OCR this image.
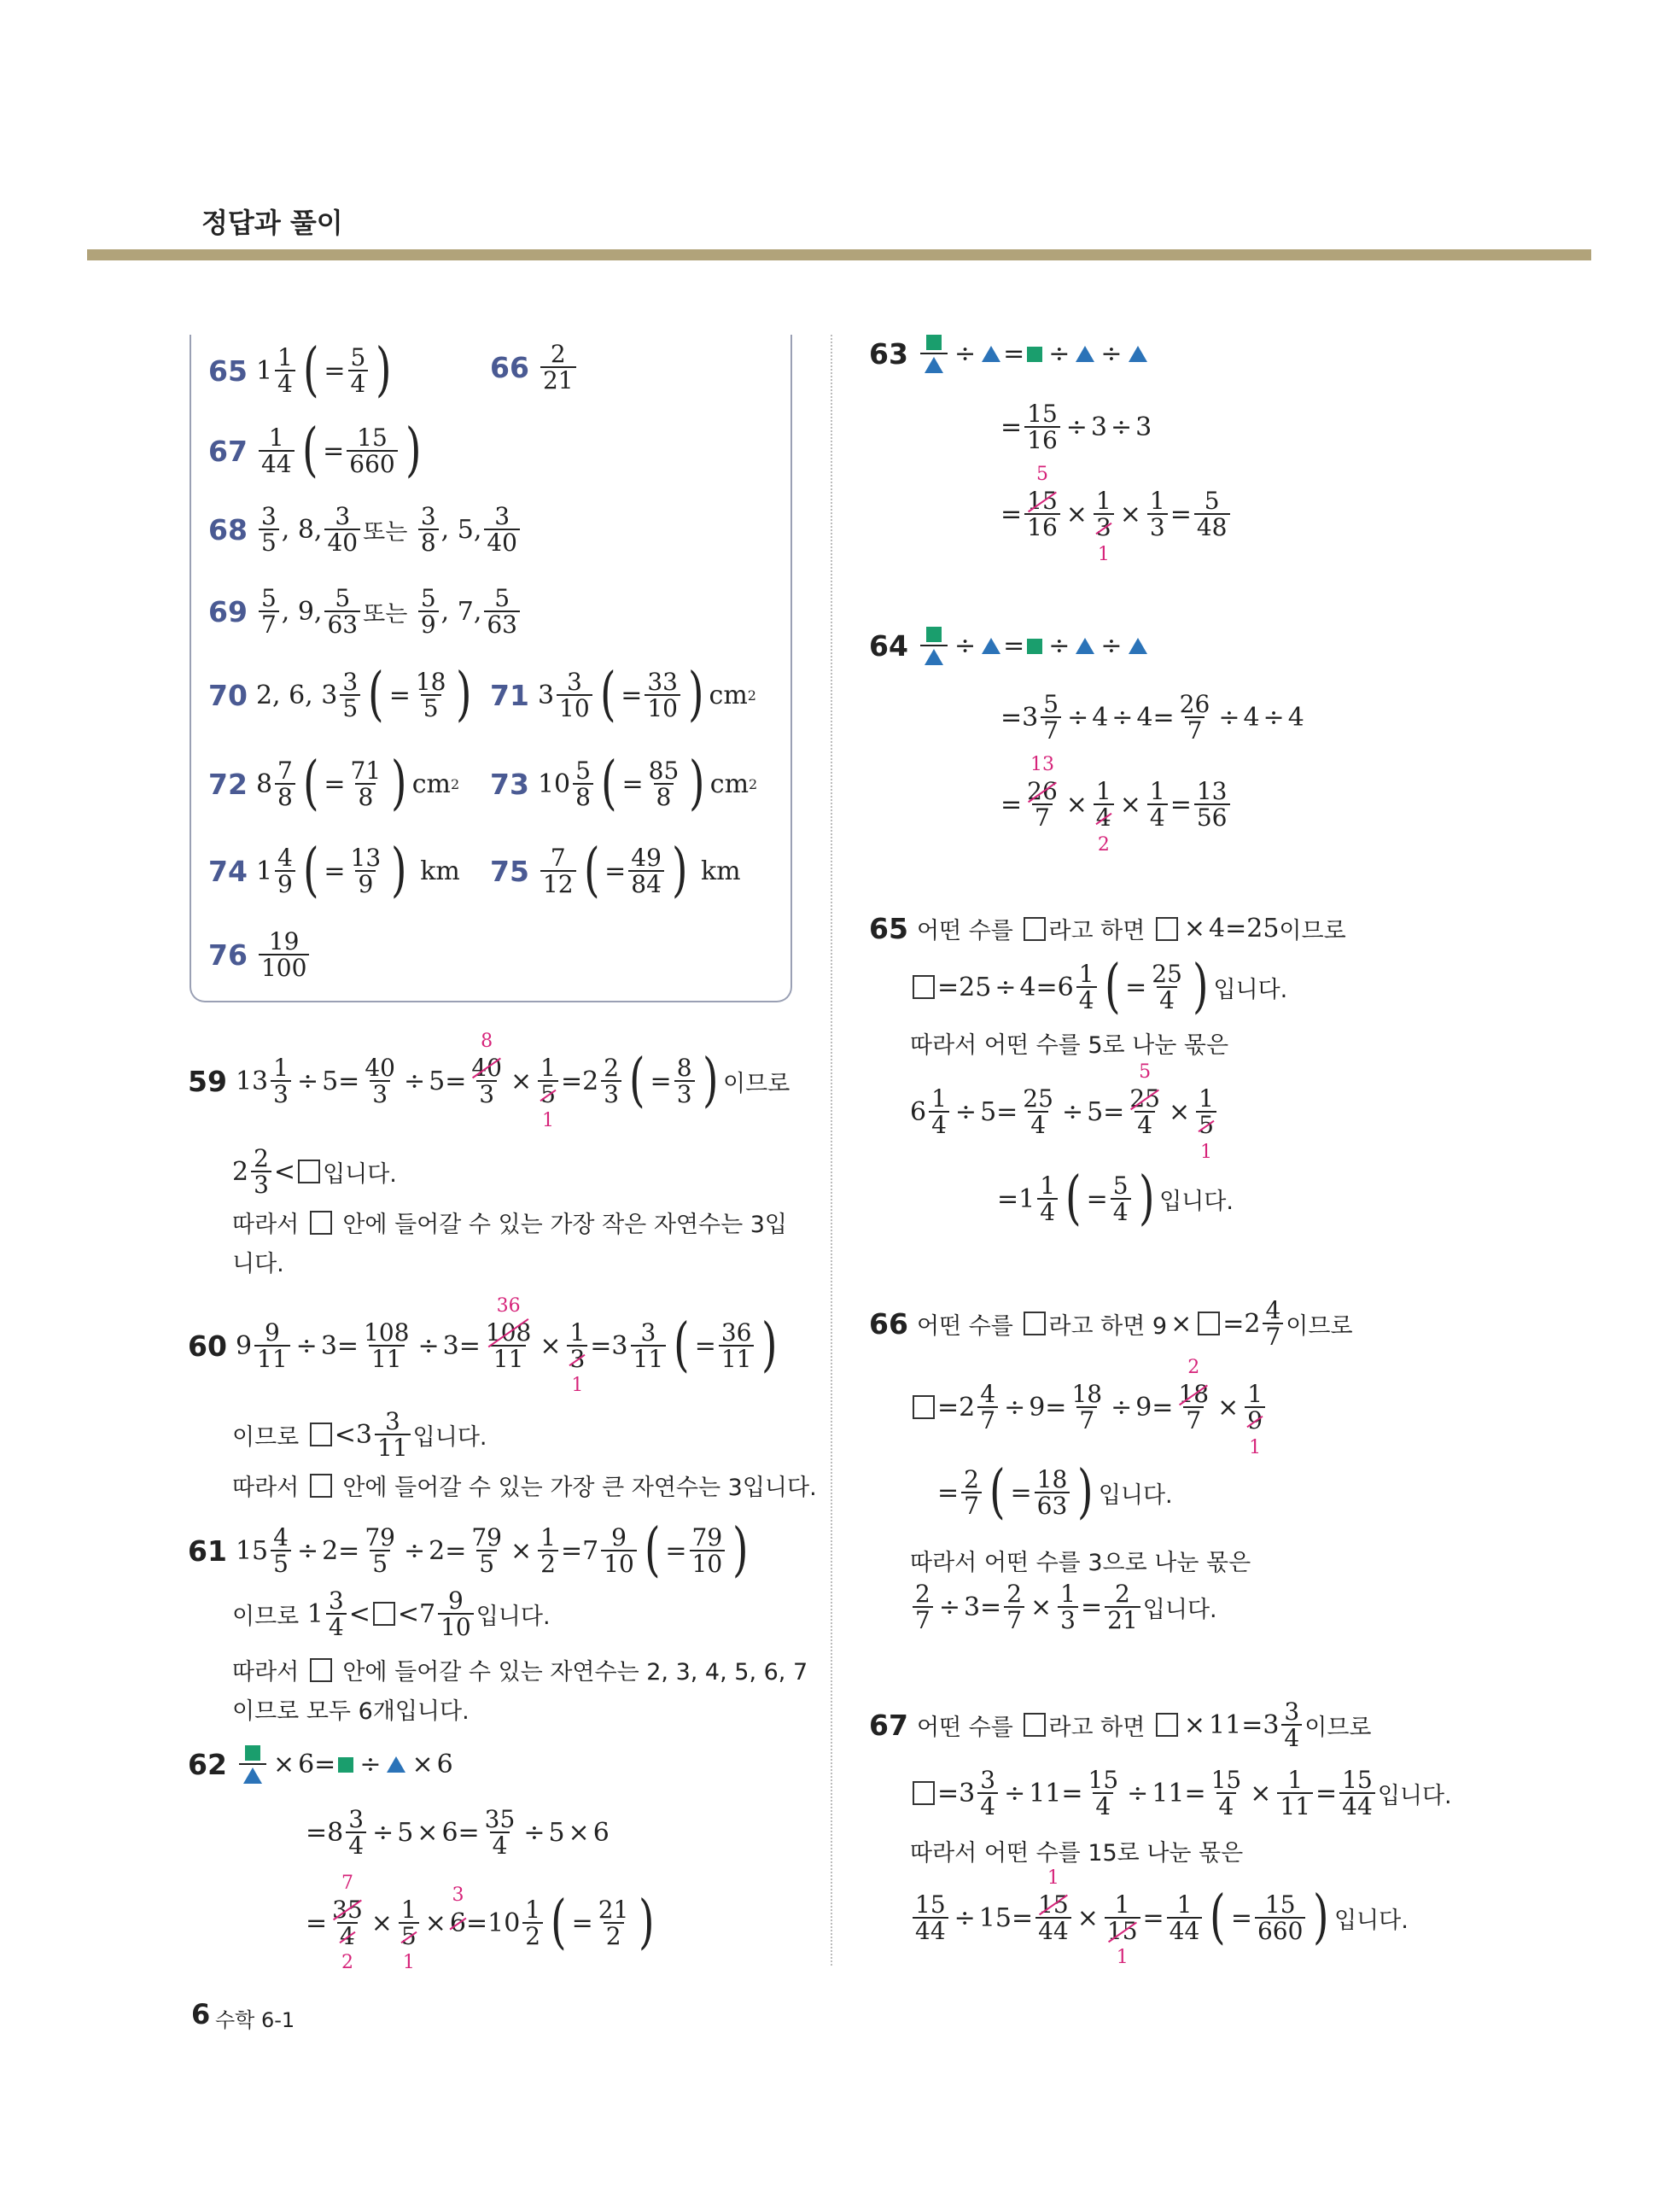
정답과 풀이
65 $1 \frac{1}{4}$ ( = $\frac{5}{4}$ )	$66 \frac{2}{21}$
$67 \frac{1}{44}$ ( = $\frac{15}{660}$ )
$68 \frac{3}{5}$ , 8, $\frac{3}{40}$ 또는
$\frac{3}{8}$ , 5, $\frac{3}{40}$
$69 \frac{5}{7}$ , 9, $\frac{5}{63}$ 또는
$\frac{5}{9}$ , 7, $\frac{5}{63}$
70 2, 6, $3 \frac{3}{5}$ ( = $\frac{18}{5}$ ) 71 $3 \frac{3}{10}$ ( = $\frac{33}{10}$ ) cm 2
72 $8 \frac{7}{8}$ ( = $\frac{71}{8}$ ) cm 2 73 $10 \frac{5}{8}$ ( = $\frac{85}{8}$ ) cm 2
74 $1 \frac{4}{9}$ ( = $\frac{13}{9}$ )
km $75 \frac{7}{12}$ ( = $\frac{49}{84}$ )
km
$76 \frac{19}{100}$
59 $13 \frac{1}{3} \div 5= \frac{40}{3} \div 5= 40$
8
3 × 1
5
$1 =2 \frac{2}{3}$ ( = $\frac{8}{3}$ ) 이므로
$2 \frac{2}{3}$ < 입니다.
따라서

안에 들어갈 수 있는 가장 작은 자연수는 3입
니다.
60 $9 \frac{9}{11} \div 3= \frac{108}{11} \div 3= 108$
36
11 × 1
3
$1 =3 \frac{3}{11}$ ( = $\frac{36}{11}$ )
이므로
$<3 \frac{3}{11}$ 입니다.
따라서

안에 들어갈 수 있는 가장 큰 자연수는 3입니다.
61 $15 \frac{4}{5} \div 2= \frac{79}{5} \div 2= \frac{79}{5} \times \frac{1}{2} =7 \frac{9}{10}$ ( = $\frac{79}{10}$ )
이므로 $1 \frac{3}{4} < <7 \frac{9}{10}$ 입니다.
따라서

안에 들어갈 수 있는 자연수는 2, 3, 4, 5, 6, 7
이므로 모두 6개입니다.
62 × 6= ÷ × 6
$=8 \frac{3}{4} \div 5 \times 6= \frac{35}{4} \div 5 \times 6$
= 35
7
4
2 × 1
5
1 × 6
3
$=10 \frac{1}{2}$ ( = $\frac{21}{2}$ )
63 ÷ = ÷ ÷
= $\frac{15}{16} \div 3 \div 3$
= 15
5
16 × 1
3
$1 \times \frac{1}{3} = \frac{5}{48}$
64 ÷ = ÷ ÷
$=3 \frac{5}{7} \div 4 \div 4= \frac{26}{7} \div 4 \div 4$
= 26
13
7 × 1
4
$2 \times \frac{1}{4} = \frac{13}{56}$
65 어떤 수를
라고 하면
× 4=25 이므로
$=25 \div 4=6 \frac{1}{4}$ ( = $\frac{25}{4}$ ) 입니다.
따라서 어떤 수를 5로 나눈 몫은
$6 \frac{1}{4} \div 5= \frac{25}{4} \div 5= 25$
5
4 × 1
5
1
$=1 \frac{1}{4}$ ( = $\frac{5}{4}$ ) 입니다.
66 어떤 수를
라고 하면 $9 \times =2 \frac{4}{7}$ 이므로
$=2 \frac{4}{7} \div 9= \frac{18}{7} \div 9= 18$
2
7 × 1
9
1
= $\frac{2}{7}$ ( = $\frac{18}{63}$ ) 입니다.
따라서 어떤 수를 3으로 나눈 몫은
$\frac{2}{7} \div 3= \frac{2}{7} \times \frac{1}{3} = \frac{2}{21}$ 입니다.
67 어떤 수를
라고 하면
× $11=3 \frac{3}{4}$ 이므로
$=3 \frac{3}{4} \div 11= \frac{15}{4} \div 11= \frac{15}{4} \times \frac{1}{11} = \frac{15}{44}$ 입니다.
따라서 어떤 수를 15로 나눈 몫은
$\frac{15}{44} \div 15= 15$
1
44 × 1
15
$1 = \frac{1}{44}$ ( = $\frac{15}{660}$ ) 입니다.
6 수학 6-1
